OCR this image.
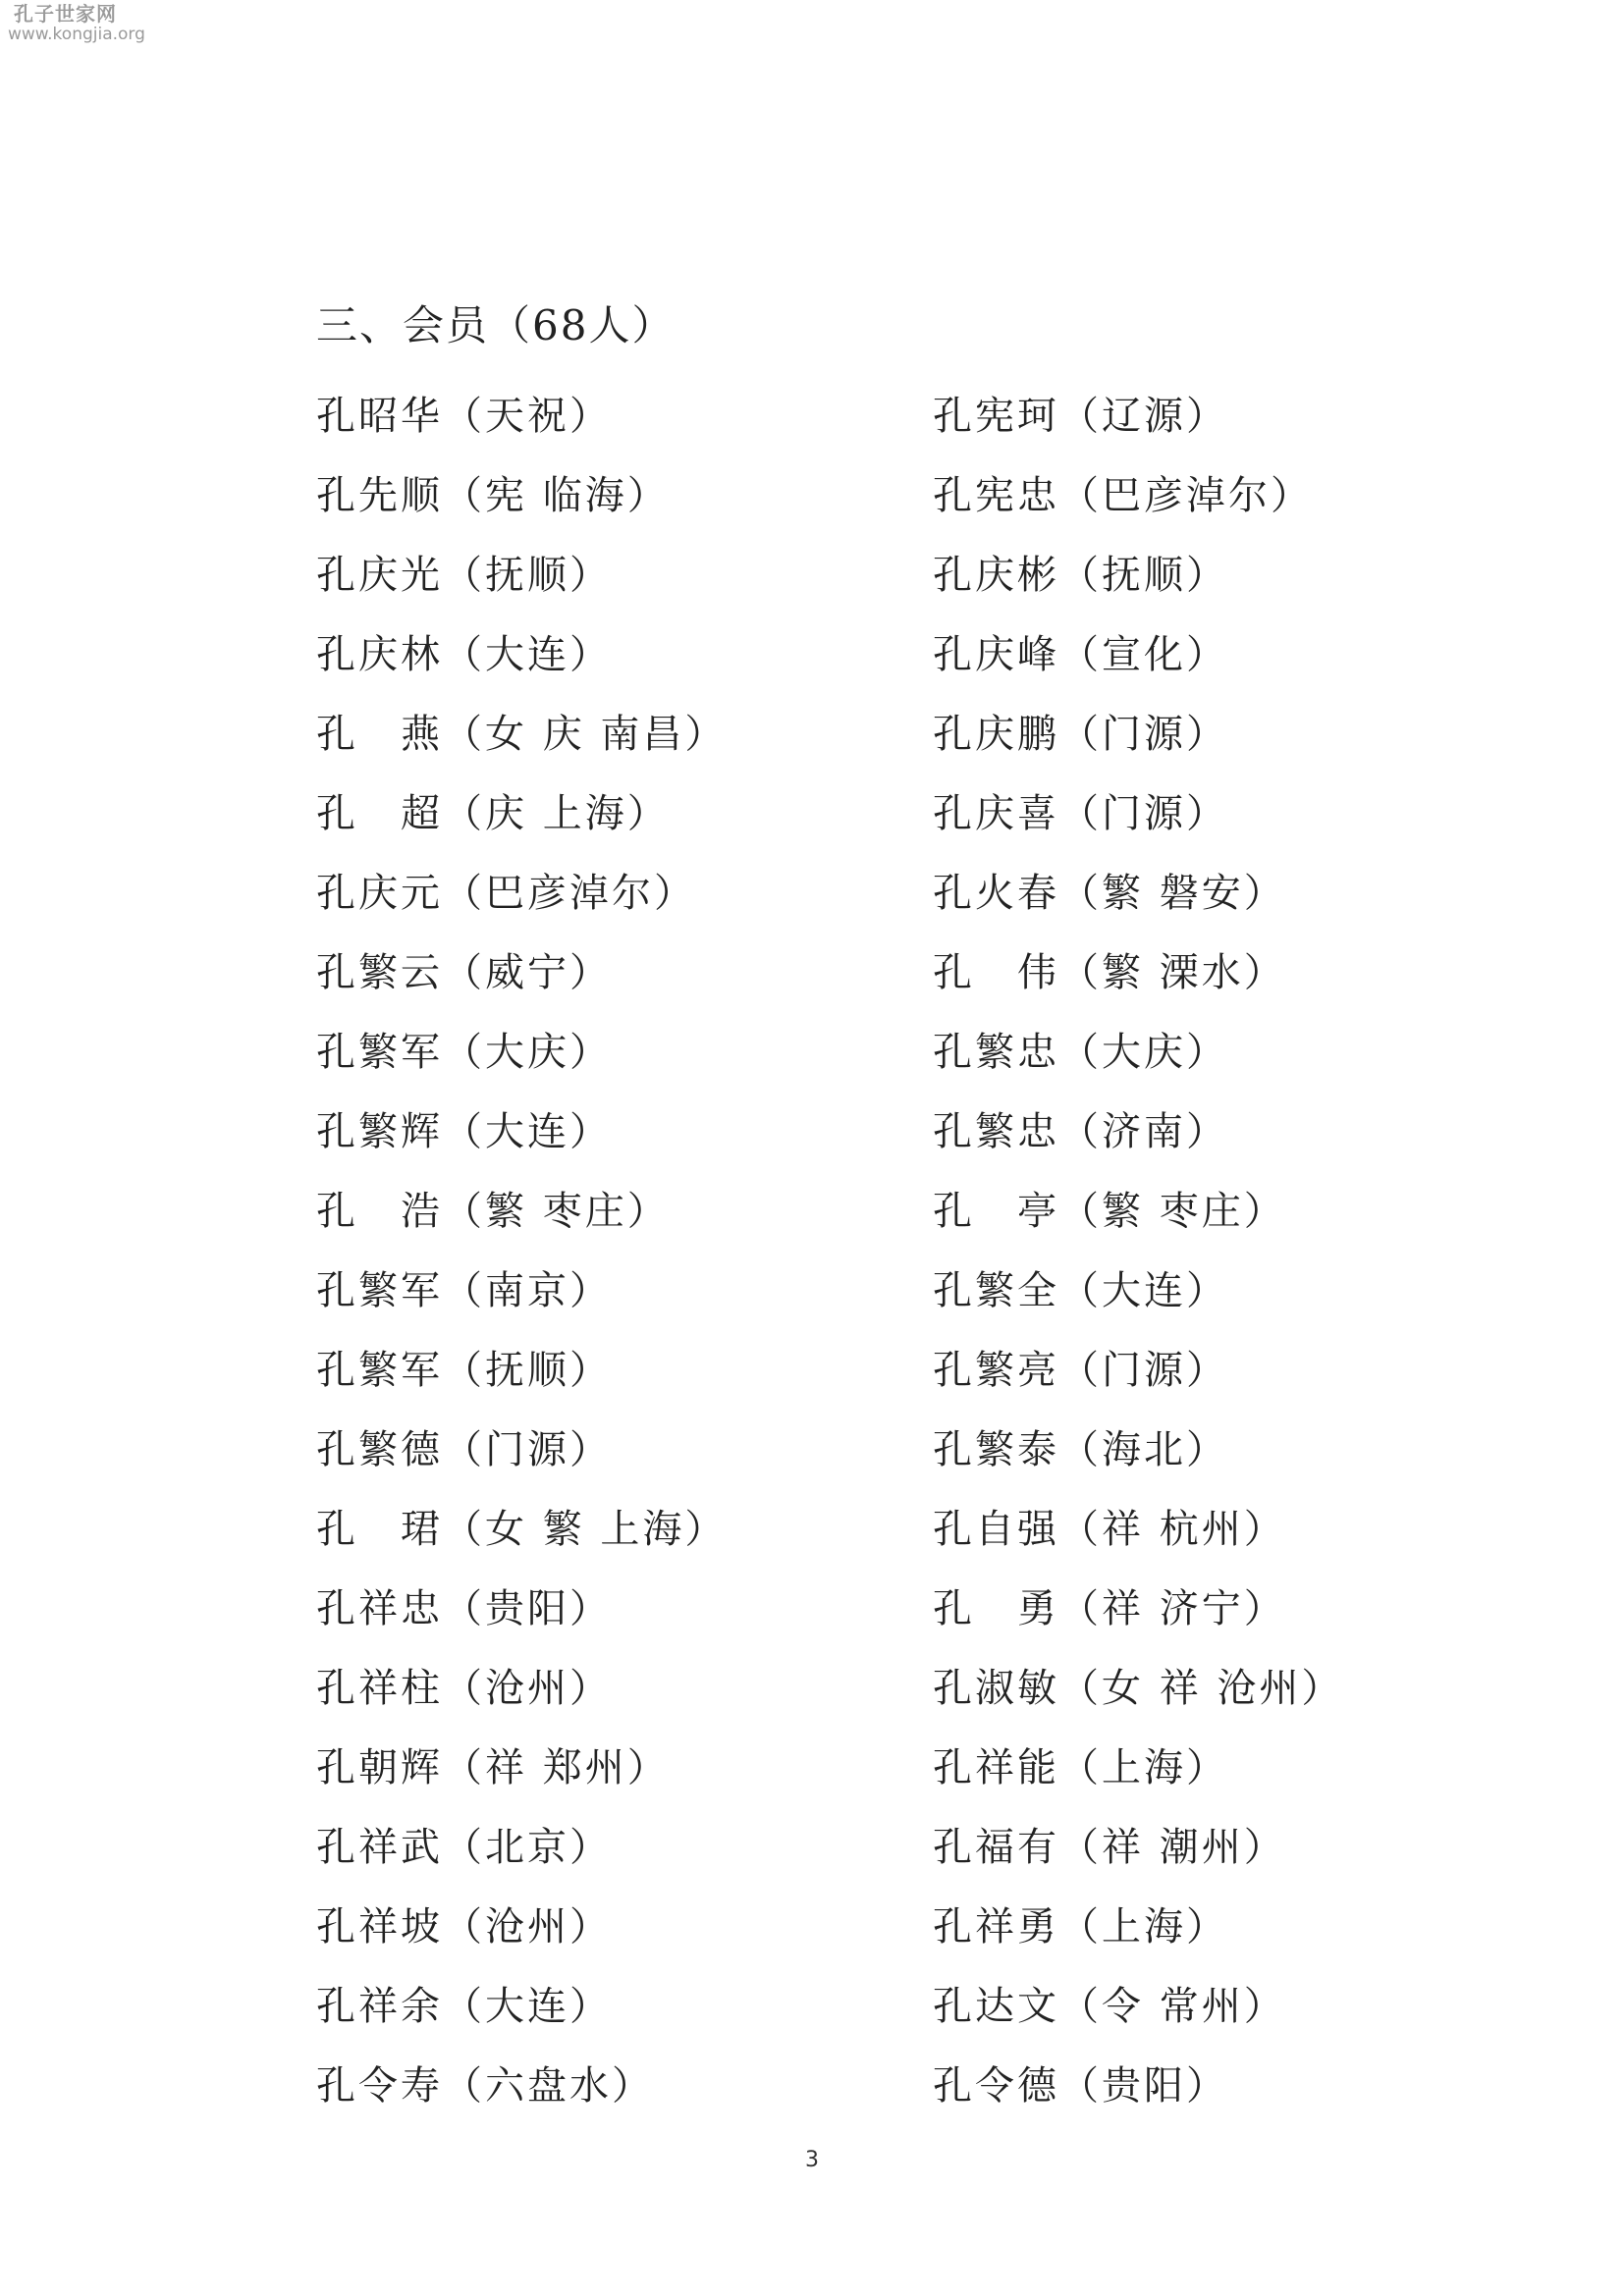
孔子世家网
www.kongjia.org
三、会员（68人）
孔昭华（天祝）	孔宪珂（辽源）
孔先顺（宪 临海）	孔宪忠（巴彦淖尔）
孔庆光（抚顺）	孔庆彬（抚顺）
孔庆林（大连）	孔庆峰（宣化）
孔　燕（女 庆 南昌）	孔庆鹏（门源）
孔　超（庆 上海）	孔庆喜（门源）
孔庆元（巴彦淖尔）	孔火春（繁 磐安）
孔繁云（威宁）	孔　伟（繁 溧水）
孔繁军（大庆）	孔繁忠（大庆）
孔繁辉（大连）	孔繁忠（济南）
孔　浩（繁 枣庄）	孔　亭（繁 枣庄）
孔繁军（南京）	孔繁全（大连）
孔繁军（抚顺）	孔繁亮（门源）
孔繁德（门源）	孔繁泰（海北）
孔　珺（女 繁 上海）	孔自强（祥 杭州）
孔祥忠（贵阳）	孔　勇（祥 济宁）
孔祥柱（沧州）	孔淑敏（女 祥 沧州）
孔朝辉（祥 郑州）	孔祥能（上海）
孔祥武（北京）	孔福有（祥 潮州）
孔祥坡（沧州）	孔祥勇（上海）
孔祥余（大连）	孔达文（令 常州）
孔令寿（六盘水）	孔令德（贵阳）
3
